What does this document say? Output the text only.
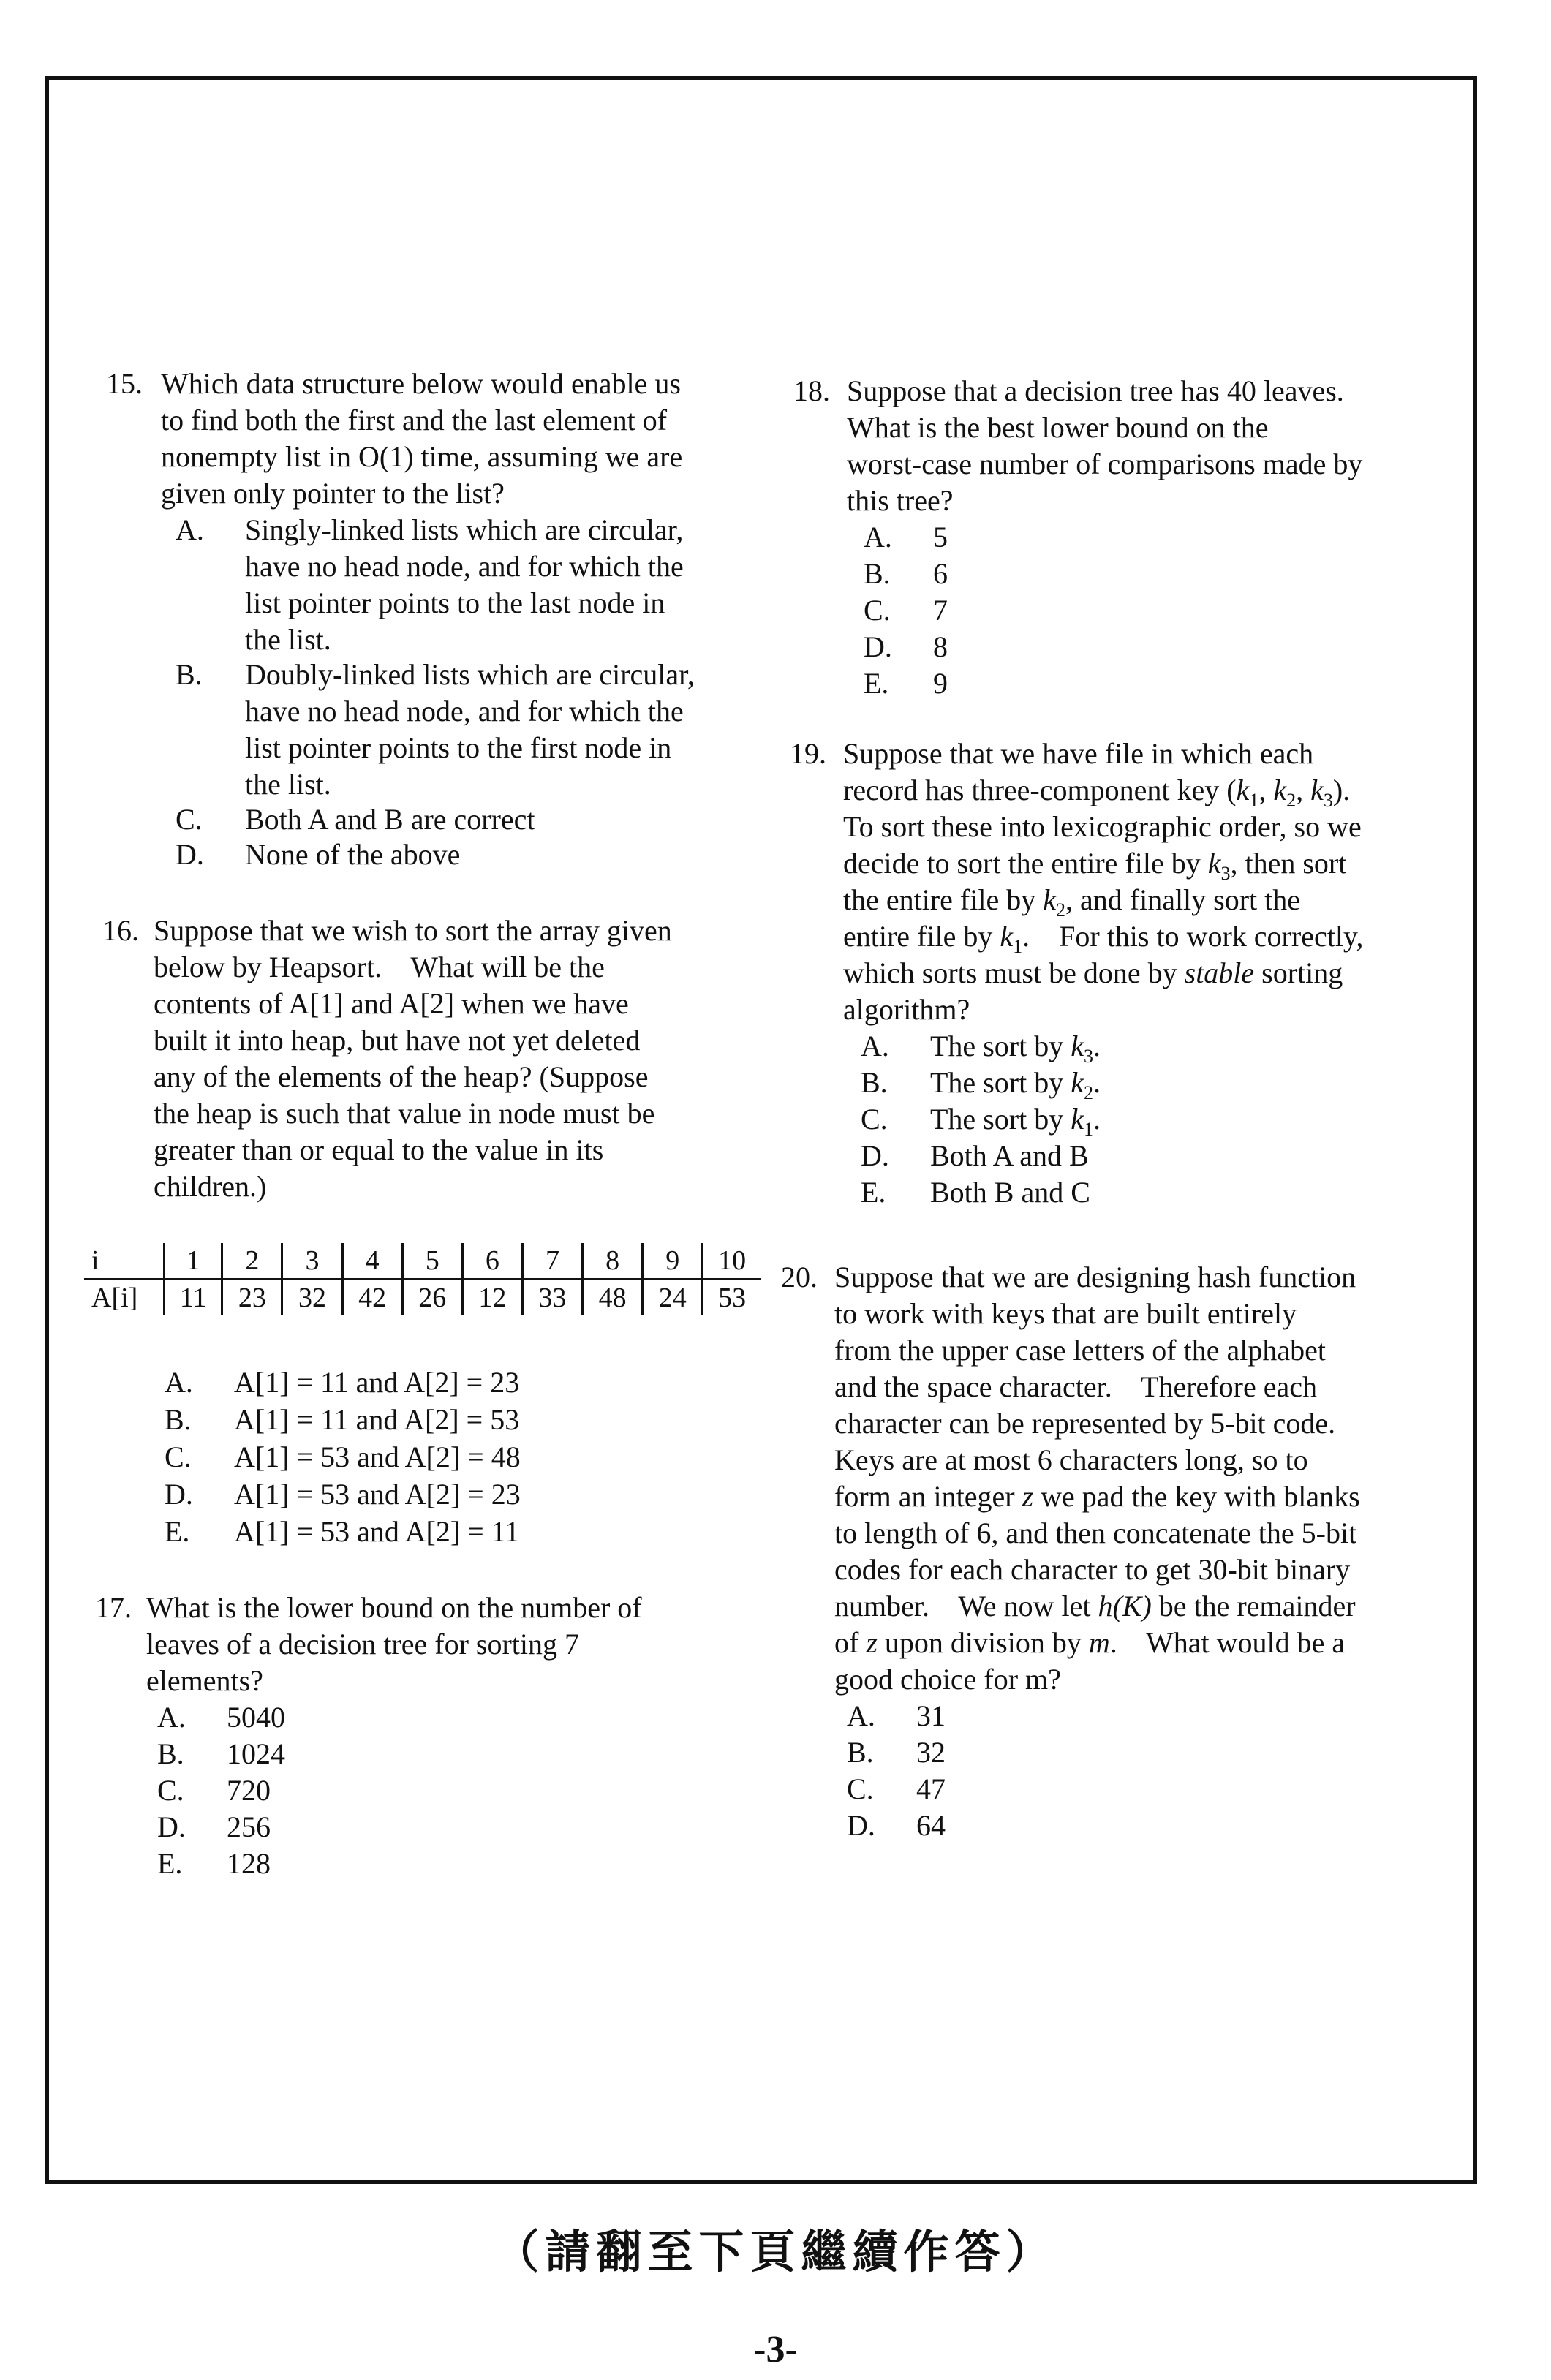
15. Which data structure below would enable us
to find both the first and the last element of
nonempty list in O(1) time, assuming we are
given only pointer to the list?
A. Singly-linked lists which are circular,
have no head node, and for which the
list pointer points to the last node in
the list.
B. Doubly-linked lists which are circular,
have no head node, and for which the
list pointer points to the first node in
the list.
C. Both A and B are correct
D. None of the above
16. Suppose that we wish to sort the array given
below by Heapsort.    What will be the
contents of A[1] and A[2] when we have
built it into heap, but have not yet deleted
any of the elements of the heap? (Suppose
the heap is such that value in node must be
greater than or equal to the value in its
children.)
i	1	2	3	4	5	6	7	8	9	10
A[i]	11	23	32	42	26	12	33	48	24	53
A. A[1] = 11 and A[2] = 23
B. A[1] = 11 and A[2] = 53
C. A[1] = 53 and A[2] = 48
D. A[1] = 53 and A[2] = 23
E. A[1] = 53 and A[2] = 11
17. What is the lower bound on the number of
leaves of a decision tree for sorting 7
elements?
A. 5040
B. 1024
C. 720
D. 256
E. 128
18. Suppose that a decision tree has 40 leaves.
What is the best lower bound on the
worst-case number of comparisons made by
this tree?
A. 5
B. 6
C. 7
D. 8
E. 9
19. Suppose that we have file in which each
record has three-component key ($k_1$, $k_2$, $k_3$).
To sort these into lexicographic order, so we
decide to sort the entire file by $k_3$, then sort
the entire file by $k_2$, and finally sort the
entire file by $k_1$.    For this to work correctly,
which sorts must be done by stable sorting
algorithm?
A. The sort by $k_3$.
B. The sort by $k_2$.
C. The sort by $k_1$.
D. Both A and B
E. Both B and C
20. Suppose that we are designing hash function
to work with keys that are built entirely
from the upper case letters of the alphabet
and the space character.    Therefore each
character can be represented by 5-bit code.
Keys are at most 6 characters long, so to
form an integer z we pad the key with blanks
to length of 6, and then concatenate the 5-bit
codes for each character to get 30-bit binary
number.    We now let h(K) be the remainder
of z upon division by m.    What would be a
good choice for m?
A. 31
B. 32
C. 47
D. 64
（請翻至下頁繼續作答）
-3-
